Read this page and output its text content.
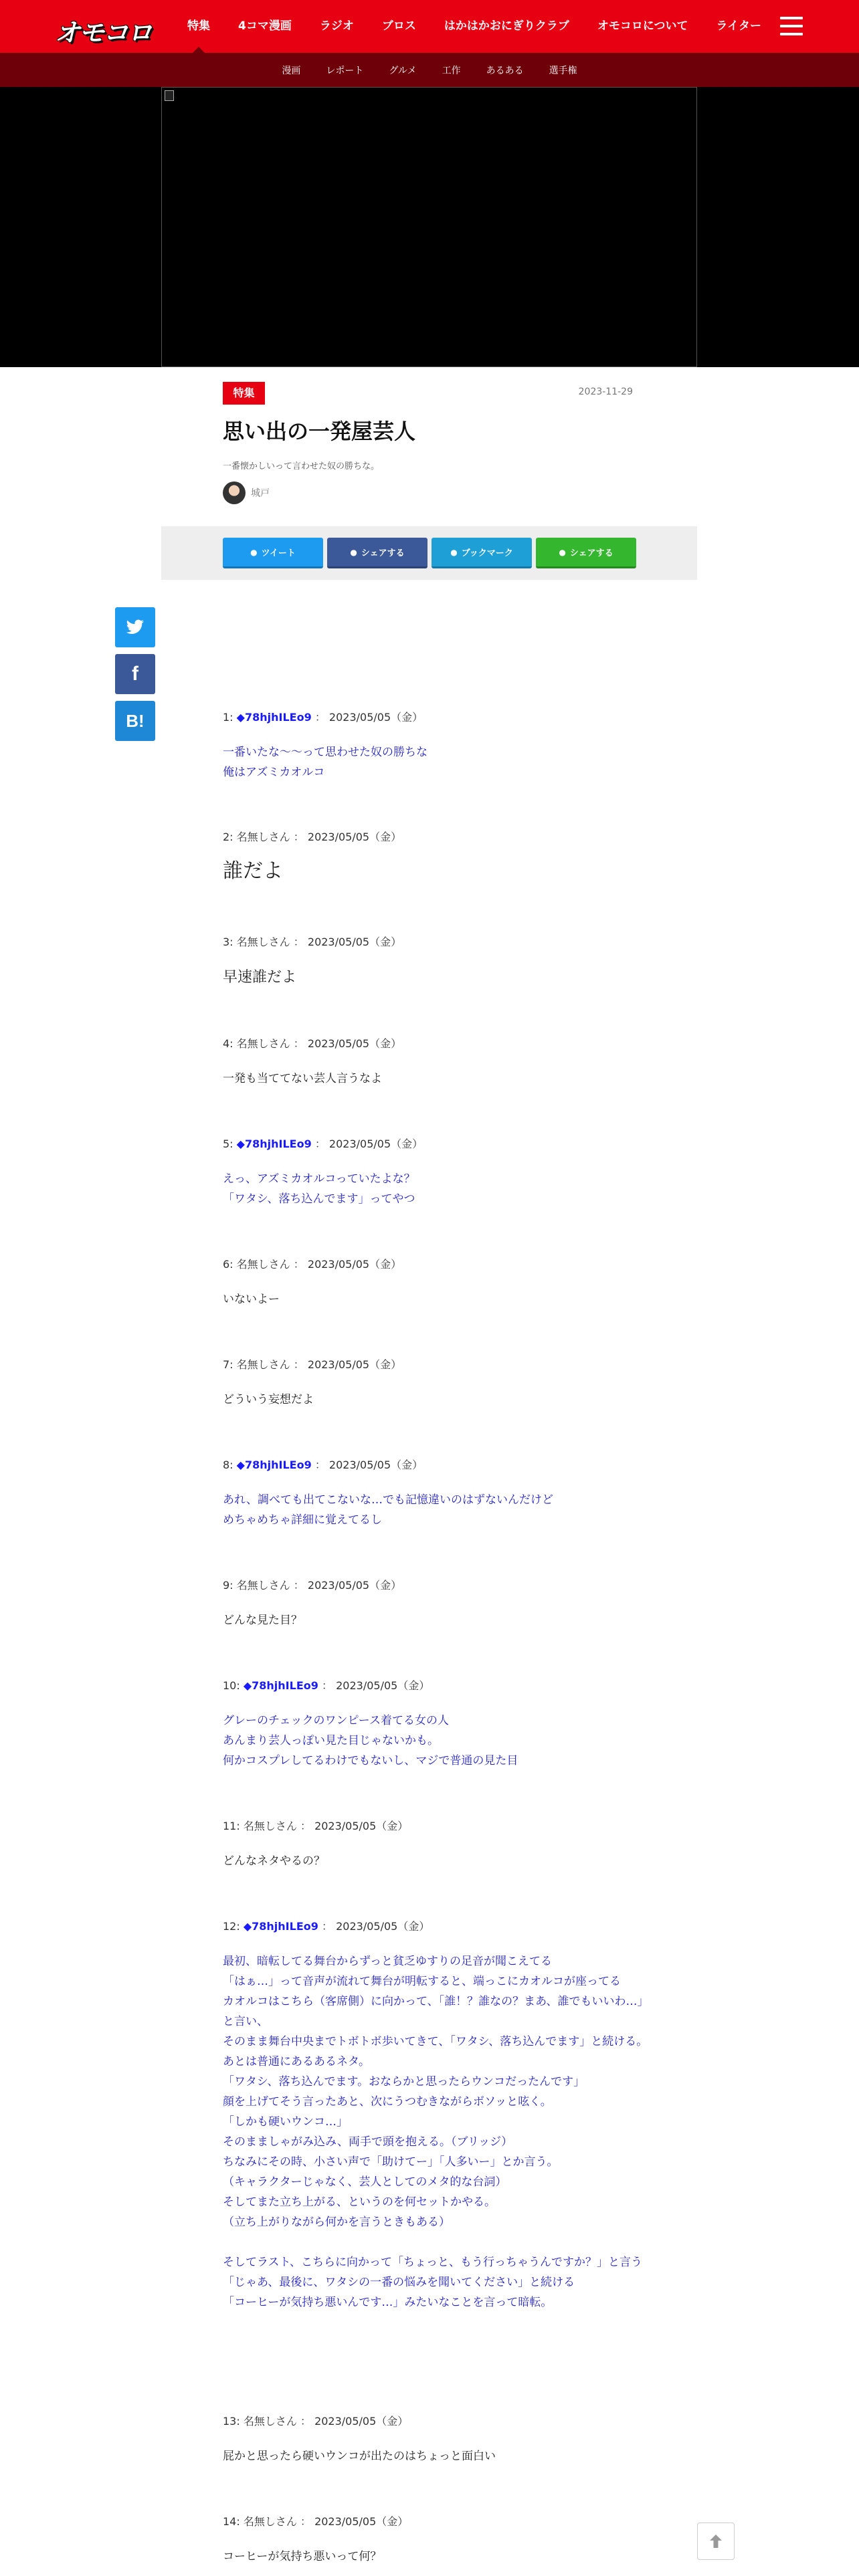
オモコロ	特集 4コマ漫画 ラジオ ブロス はかはかおにぎりクラブ オモコロについて ライター
漫画	レポート	グルメ	工作	あるある	選手権
特集	2023-11-29
思い出の一発屋芸人
一番懐かしいって言わせた奴の勝ちな。
城戸
● ツイート	● シェアする	● ブックマーク	● シェアする
f
B!	1: ◆78hjhILEo9 ： 2023/05/05（金）
一番いたな〜〜って思わせた奴の勝ちな
俺はアズミカオルコ
2: 名無しさん ： 2023/05/05（金）
誰だよ
3: 名無しさん ： 2023/05/05（金）
早速誰だよ
4: 名無しさん ： 2023/05/05（金）
一発も当ててない芸人言うなよ
5: ◆78hjhILEo9 ： 2023/05/05（金）
えっ、アズミカオルコっていたよな？
「ワタシ、落ち込んでます」ってやつ
6: 名無しさん ： 2023/05/05（金）
いないよー
7: 名無しさん ： 2023/05/05（金）
どういう妄想だよ
8: ◆78hjhILEo9 ： 2023/05/05（金）
あれ、調べても出てこないな…でも記憶違いのはずないんだけど
めちゃめちゃ詳細に覚えてるし
9: 名無しさん ： 2023/05/05（金）
どんな見た目？
10: ◆78hjhILEo9 ： 2023/05/05（金）
グレーのチェックのワンピース着てる女の人
あんまり芸人っぽい見た目じゃないかも。
何かコスプレしてるわけでもないし、マジで普通の見た目
11: 名無しさん ： 2023/05/05（金）
どんなネタやるの？
12: ◆78hjhILEo9 ： 2023/05/05（金）
最初、暗転してる舞台からずっと貧乏ゆすりの足音が聞こえてる
「はぁ…」って音声が流れて舞台が明転すると、端っこにカオルコが座ってる
カオルコはこちら（客席側）に向かって、「誰！？誰なの？まあ、誰でもいいわ…」と言い、
そのまま舞台中央までトボトボ歩いてきて、「ワタシ、落ち込んでます」と続ける。
あとは普通にあるあるネタ。
「ワタシ、落ち込んでます。おならかと思ったらウンコだったんです」
顔を上げてそう言ったあと、次にうつむきながらボソッと呟く。
「しかも硬いウンコ…」
そのまましゃがみ込み、両手で頭を抱える。（ブリッジ）
ちなみにその時、小さい声で「助けてー」「人多いー」とか言う。
（キャラクターじゃなく、芸人としてのメタ的な台詞）
そしてまた立ち上がる、というのを何セットかやる。
（立ち上がりながら何かを言うときもある）

そしてラスト、こちらに向かって「ちょっと、もう行っちゃうんですか？」と言う
「じゃあ、最後に、ワタシの一番の悩みを聞いてください」と続ける
「コーヒーが気持ち悪いんです…」みたいなことを言って暗転。
13: 名無しさん ： 2023/05/05（金）
屁かと思ったら硬いウンコが出たのはちょっと面白い
14: 名無しさん ： 2023/05/05（金）
コーヒーが気持ち悪いって何？
